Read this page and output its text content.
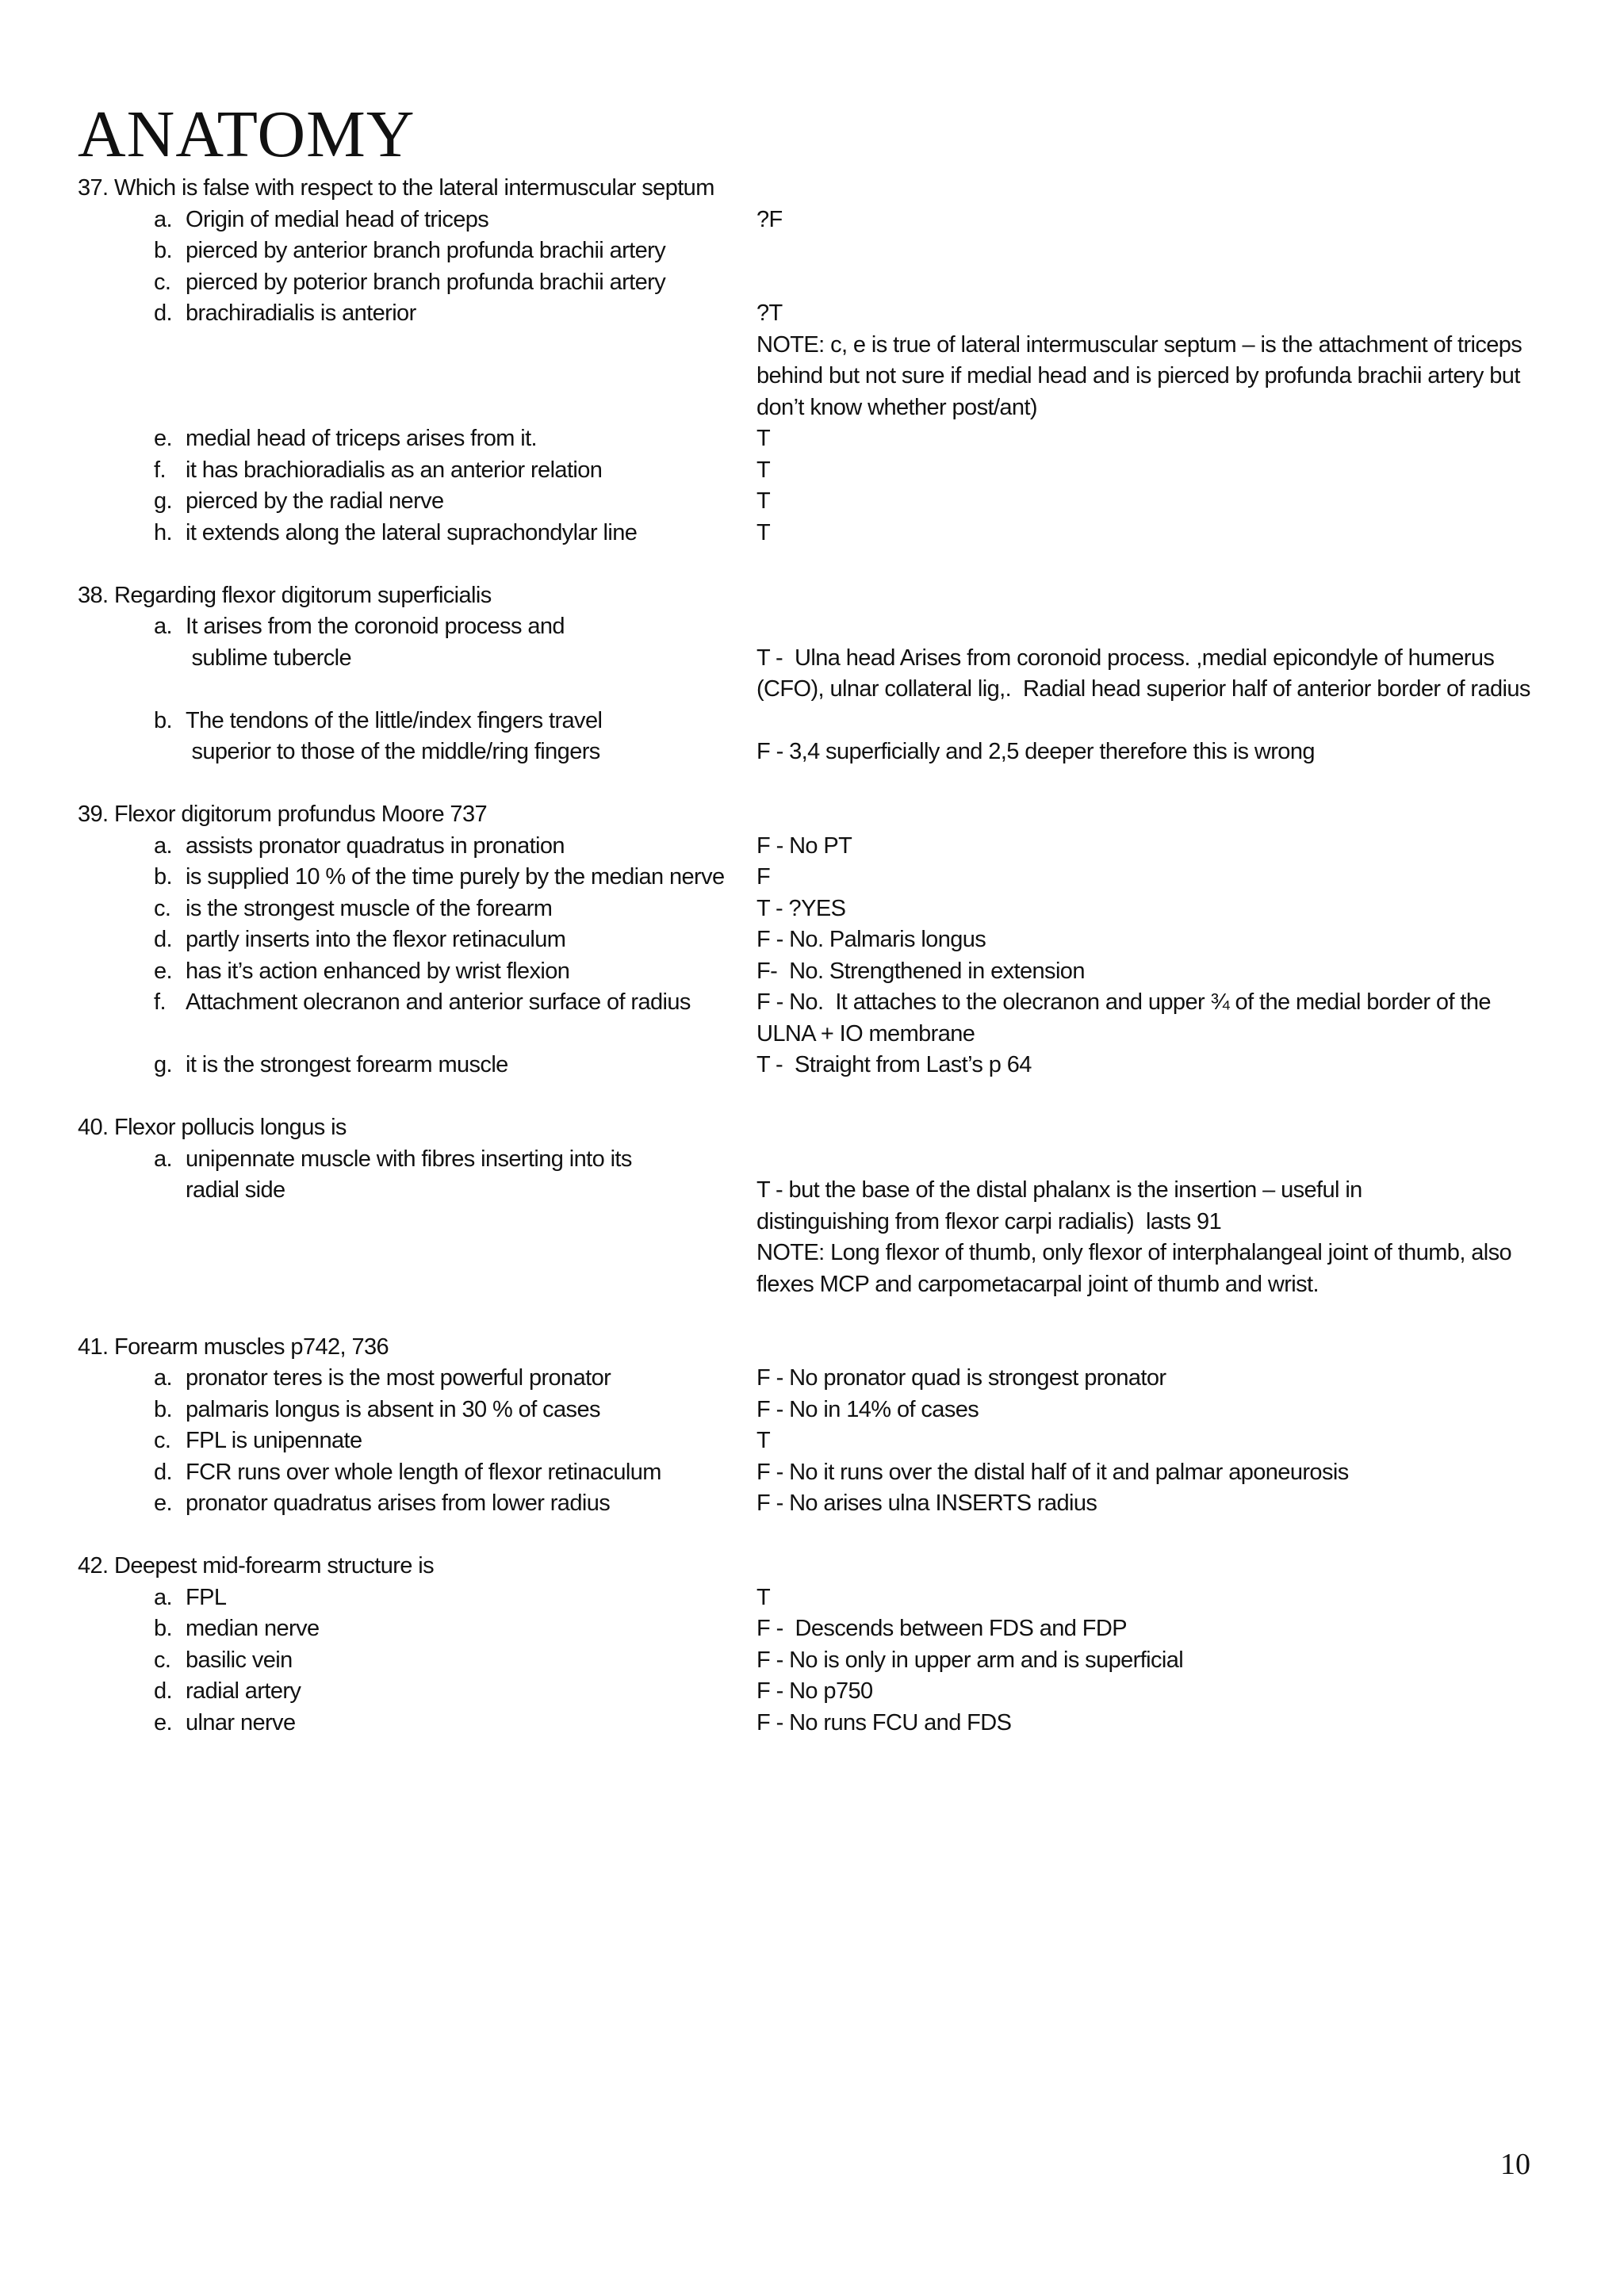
ANATOMY
37. Which is false with respect to the lateral intermuscular septum
a. Origin of medial head of triceps	?F
b. pierced by anterior branch profunda brachii artery
c. pierced by poterior branch profunda brachii artery
d. brachiradialis is anterior	?T
NOTE: c, e is true of lateral intermuscular septum – is the attachment of triceps
behind but not sure if medial head and is pierced by profunda brachii artery but
don’t know whether post/ant)
e. medial head of triceps arises from it.	T
f. it has brachioradialis as an anterior relation	T
g. pierced by the radial nerve	T
h. it extends along the lateral suprachondylar line	T
38. Regarding flexor digitorum superficialis
a. It arises from the coronoid process and
sublime tubercle	T -  Ulna head Arises from coronoid process. ,medial epicondyle of humerus
(CFO), ulnar collateral lig,.  Radial head superior half of anterior border of radius
b. The tendons of the little/index fingers travel
superior to those of the middle/ring fingers	F - 3,4 superficially and 2,5 deeper therefore this is wrong
39. Flexor digitorum profundus Moore 737
a. assists pronator quadratus in pronation	F - No PT
b. is supplied 10 % of the time purely by the median nerve F
c. is the strongest muscle of the forearm	T - ?YES
d. partly inserts into the flexor retinaculum	F - No. Palmaris longus
e. has it’s action enhanced by wrist flexion	F-  No. Strengthened in extension
f. Attachment olecranon and anterior surface of radius	F - No.  It attaches to the olecranon and upper ¾ of the medial border of the
ULNA + IO membrane
g. it is the strongest forearm muscle	T -  Straight from Last’s p 64
40. Flexor pollucis longus is
a. unipennate muscle with fibres inserting into its
radial side	T - but the base of the distal phalanx is the insertion – useful in
distinguishing from flexor carpi radialis)  lasts 91
NOTE: Long flexor of thumb, only flexor of interphalangeal joint of thumb, also
flexes MCP and carpometacarpal joint of thumb and wrist.
41. Forearm muscles p742, 736
a. pronator teres is the most powerful pronator	F - No pronator quad is strongest pronator
b. palmaris longus is absent in 30 % of cases	F - No in 14% of cases
c. FPL is unipennate	T
d. FCR runs over whole length of flexor retinaculum	F - No it runs over the distal half of it and palmar aponeurosis
e. pronator quadratus arises from lower radius	F - No arises ulna INSERTS radius
42. Deepest mid-forearm structure is
a. FPL	T
b. median nerve	F -  Descends between FDS and FDP
c. basilic vein	F - No is only in upper arm and is superficial
d. radial artery	F - No p750
e. ulnar nerve	F - No runs FCU and FDS
10
